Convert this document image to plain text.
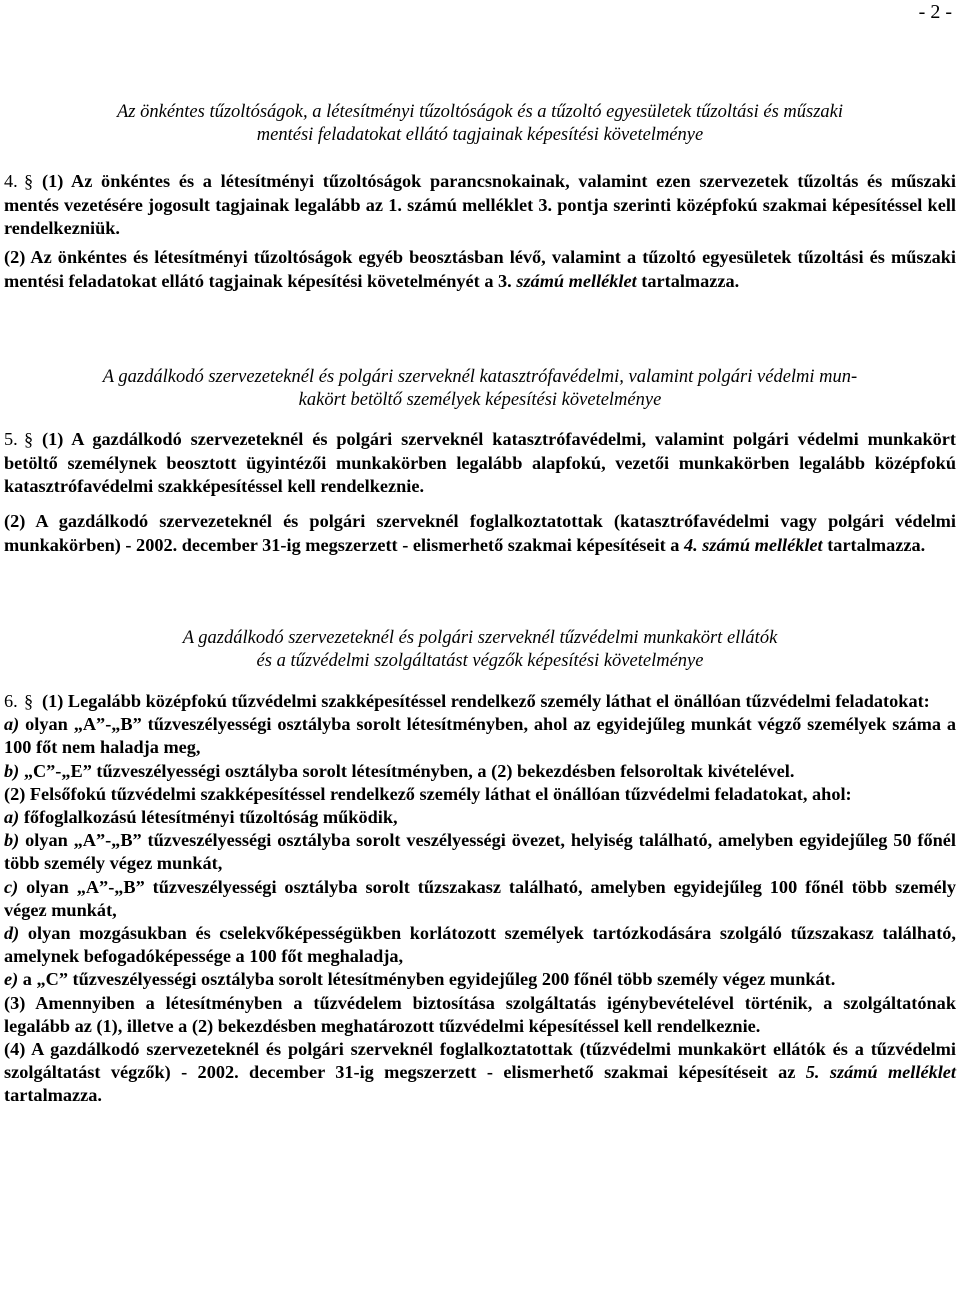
- 2 -
Az önkéntes tűzoltóságok, a létesítményi tűzoltóságok és a tűzoltó egyesületek tűzoltási és műszaki
mentési feladatokat ellátó tagjainak képesítési követelménye
4. § (1) Az önkéntes és a létesítményi tűzoltóságok parancsnokainak, valamint ezen szervezetek tűzoltás és műszaki mentés vezetésére jogosult tagjainak legalább az 1. számú melléklet 3. pontja szerinti középfokú szakmai képesítéssel kell rendelkezniük.
(2) Az önkéntes és létesítményi tűzoltóságok egyéb beosztásban lévő, valamint a tűzoltó egyesületek tűzoltási és műszaki mentési feladatokat ellátó tagjainak képesítési követelményét a 3. számú melléklet tartalmazza.
A gazdálkodó szervezeteknél és polgári szerveknél katasztrófavédelmi, valamint polgári védelmi mun-
kakört betöltő személyek képesítési követelménye
5. § (1) A gazdálkodó szervezeteknél és polgári szerveknél katasztrófavédelmi, valamint polgári védelmi munkakört betöltő személynek beosztott ügyintézői munkakörben legalább alapfokú, vezetői munkakörben legalább középfokú katasztrófavédelmi szakképesítéssel kell rendelkeznie.
(2) A gazdálkodó szervezeteknél és polgári szerveknél foglalkoztatottak (katasztrófavédelmi vagy polgári védelmi munkakörben) - 2002. december 31-ig megszerzett - elismerhető szakmai képesítéseit a 4. számú melléklet tartalmazza.
A gazdálkodó szervezeteknél és polgári szerveknél tűzvédelmi munkakört ellátók
és a tűzvédelmi szolgáltatást végzők képesítési követelménye
6. § (1) Legalább középfokú tűzvédelmi szakképesítéssel rendelkező személy láthat el önállóan tűzvédelmi feladatokat:
a) olyan „A”-„B” tűzveszélyességi osztályba sorolt létesítményben, ahol az egyidejűleg munkát végző személyek száma a 100 főt nem haladja meg,
b) „C”-„E” tűzveszélyességi osztályba sorolt létesítményben, a (2) bekezdésben felsoroltak kivételével.
(2) Felsőfokú tűzvédelmi szakképesítéssel rendelkező személy láthat el önállóan tűzvédelmi feladatokat, ahol:
a) főfoglalkozású létesítményi tűzoltóság működik,
b) olyan „A”-„B” tűzveszélyességi osztályba sorolt veszélyességi övezet, helyiség található, amelyben egyidejűleg 50 főnél több személy végez munkát,
c) olyan „A”-„B” tűzveszélyességi osztályba sorolt tűzszakasz található, amelyben egyidejűleg 100 főnél több személy végez munkát,
d) olyan mozgásukban és cselekvőképességükben korlátozott személyek tartózkodására szolgáló tűzszakasz található, amelynek befogadóképessége a 100 főt meghaladja,
e) a „C” tűzveszélyességi osztályba sorolt létesítményben egyidejűleg 200 főnél több személy végez munkát.
(3) Amennyiben a létesítményben a tűzvédelem biztosítása szolgáltatás igénybevételével történik, a szolgáltatónak legalább az (1), illetve a (2) bekezdésben meghatározott tűzvédelmi képesítéssel kell rendelkeznie.
(4) A gazdálkodó szervezeteknél és polgári szerveknél foglalkoztatottak (tűzvédelmi munkakört ellátók és a tűzvédelmi szolgáltatást végzők) - 2002. december 31-ig megszerzett - elismerhető szakmai képesítéseit az 5. számú melléklet tartalmazza.
